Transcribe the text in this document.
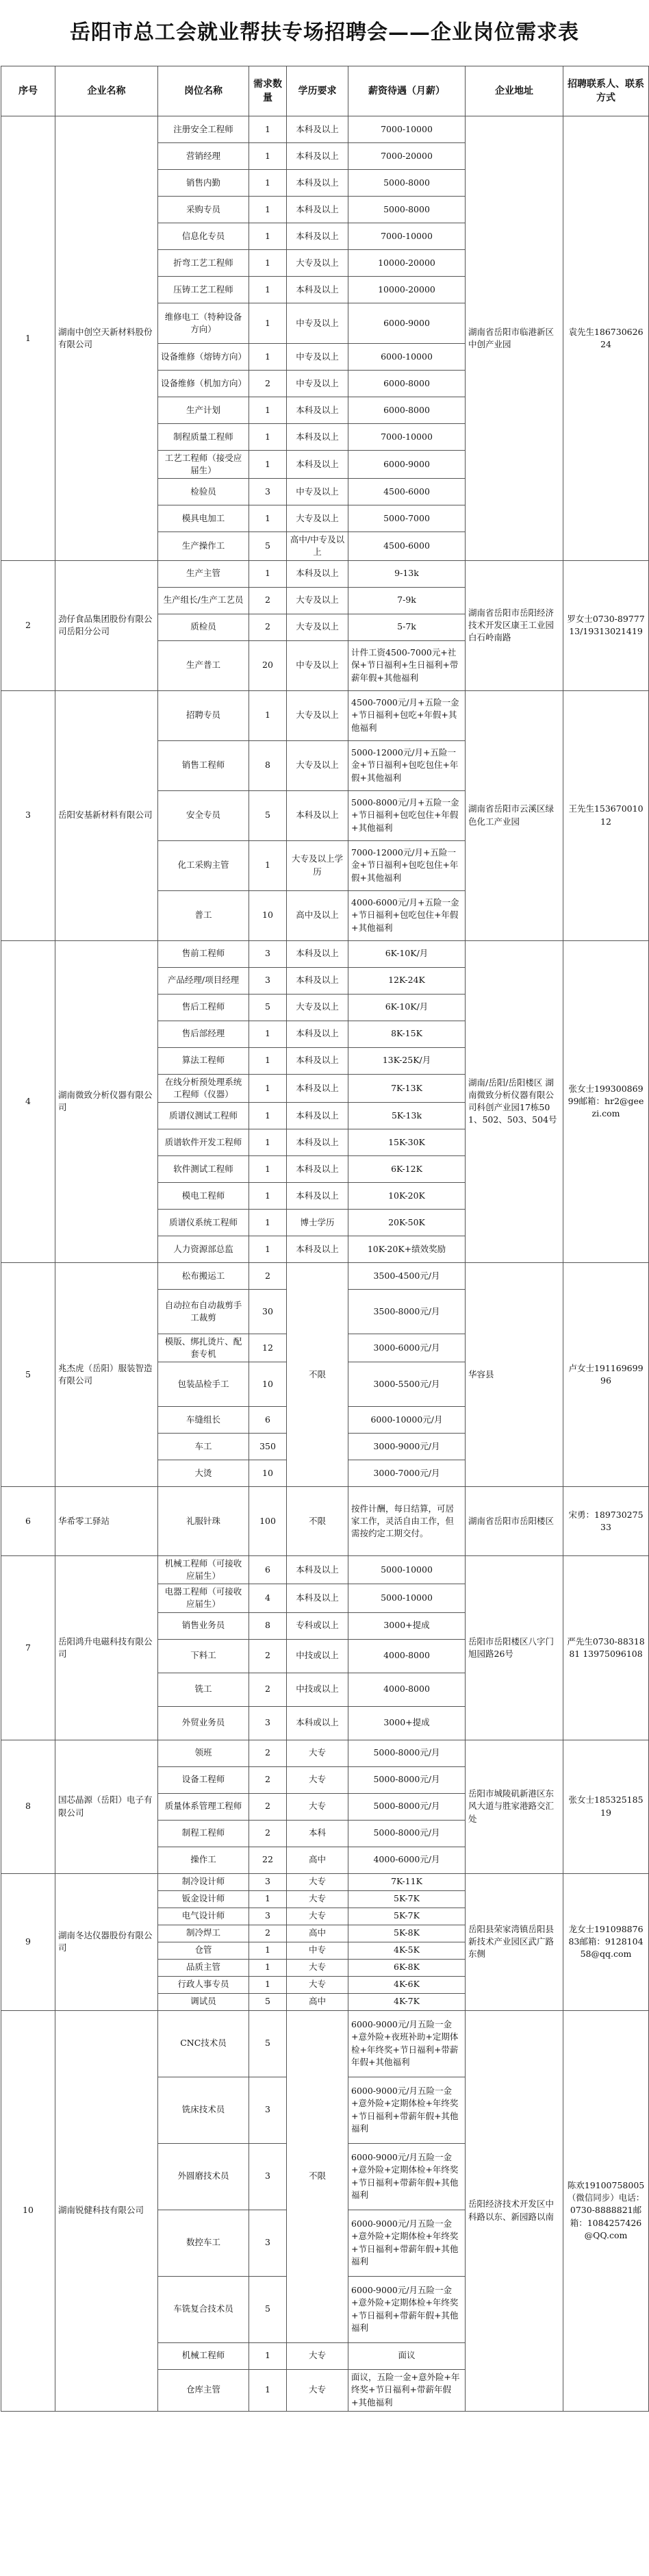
岳阳市总工会就业帮扶专场招聘会——企业岗位需求表
序号	企业名称	岗位名称	需求数量	学历要求	薪资待遇（月薪）	企业地址	招聘联系人、联系方式
1	湖南中创空天新材料股份有限公司	注册安全工程师	1	本科及以上	7000-10000	湖南省岳阳市临港新区中创产业园	袁先生18673062624
		营销经理	1	本科及以上	7000-20000		
		销售内勤	1	本科及以上	5000-8000		
		采购专员	1	本科及以上	5000-8000		
		信息化专员	1	本科及以上	7000-10000		
		折弯工艺工程师	1	大专及以上	10000-20000		
		压铸工艺工程师	1	本科及以上	10000-20000		
		维修电工（特种设备方向）	1	中专及以上	6000-9000		
		设备维修（熔铸方向）	1	中专及以上	6000-10000		
		设备维修（机加方向）	2	中专及以上	6000-8000		
		生产计划	1	本科及以上	6000-8000		
		制程质量工程师	1	本科及以上	7000-10000		
		工艺工程师（接受应届生）	1	本科及以上	6000-9000		
		检验员	3	中专及以上	4500-6000		
		模具电加工	1	大专及以上	5000-7000		
		生产操作工	5	高中/中专及以上	4500-6000		
2	劲仔食品集团股份有限公司岳阳分公司	生产主管	1	本科及以上	9-13k	湖南省岳阳市岳阳经济技术开发区康王工业园白石岭南路	罗女士0730-8977713/19313021419
		生产组长/生产工艺员	2	大专及以上	7-9k		
		质检员	2	大专及以上	5-7k		
		生产普工	20	中专及以上	计件工资4500-7000元+社保+节日福利+生日福利+带薪年假+其他福利		
3	岳阳安基新材料有限公司	招聘专员	1	大专及以上	4500-7000元/月+五险一金+节日福利+包吃+年假+其他福利	湖南省岳阳市云溪区绿色化工产业园	王先生15367001012
		销售工程师	8	大专及以上	5000-12000元/月+五险一金+节日福利+包吃包住+年假+其他福利		
		安全专员	5	本科及以上	5000-8000元/月+五险一金+节日福利+包吃包住+年假+其他福利		
		化工采购主管	1	大专及以上学历	7000-12000元/月+五险一金+节日福利+包吃包住+年假+其他福利		
		普工	10	高中及以上	4000-6000元/月+五险一金+节日福利+包吃包住+年假+其他福利		
4	湖南微致分析仪器有限公司	售前工程师	3	本科及以上	6K-10K/月	湖南/岳阳/岳阳楼区 湖南微致分析仪器有限公司科创产业园17栋501、502、503、504号	张女士19930086999邮箱：hr2@geezi.com
		产品经理/项目经理	3	本科及以上	12K-24K		
		售后工程师	5	大专及以上	6K-10K/月		
		售后部经理	1	本科及以上	8K-15K		
		算法工程师	1	本科及以上	13K-25K/月		
		在线分析预处理系统工程师（仪器）	1	本科及以上	7K-13K		
		质谱仪测试工程师	1	本科及以上	5K-13k		
		质谱软件开发工程师	1	本科及以上	15K-30K		
		软件测试工程师	1	本科及以上	6K-12K		
		模电工程师	1	本科及以上	10K-20K		
		质谱仪系统工程师	1	博士学历	20K-50K		
		人力资源部总监	1	本科及以上	10K-20K+绩效奖励		
5	兆杰虎（岳阳）服装智造有限公司	松布搬运工	2	不限	3500-4500元/月	华容县	卢女士19116969996
		自动拉布自动裁剪手工裁剪	30		3500-8000元/月		
		模版、绑扎烫片、配套专机	12		3000-6000元/月		
		包装品检手工	10		3000-5500元/月		
		车缝组长	6		6000-10000元/月		
		车工	350		3000-9000元/月		
		大烫	10		3000-7000元/月		
6	华希零工驿站	礼服针珠	100	不限	按件计酬，每日结算，可居家工作，灵活自由工作，但需按约定工期交付。	湖南省岳阳市岳阳楼区	宋勇：18973027533
7	岳阳鸿升电磁科技有限公司	机械工程师（可接收应届生）	6	本科及以上	5000-10000	岳阳市岳阳楼区八字门旭园路26号	严先生0730-8831881 13975096108
		电器工程师（可接收应届生）	4	本科及以上	5000-10000		
		销售业务员	8	专科或以上	3000+提成		
		下料工	2	中技或以上	4000-8000		
		铣工	2	中技或以上	4000-8000		
		外贸业务员	3	本科或以上	3000+提成		
8	国芯晶源（岳阳）电子有限公司	领班	2	大专	5000-8000元/月	岳阳市城陵矶新港区东风大道与胜家港路交汇处	张女士18532518519
		设备工程师	2	大专	5000-8000元/月		
		质量体系管理工程师	2	大专	5000-8000元/月		
		制程工程师	2	本科	5000-8000元/月		
		操作工	22	高中	4000-6000元/月		
9	湖南冬达仪器股份有限公司	制冷设计师	3	大专	7K-11K	岳阳县荣家湾镇岳阳县新技术产业园区武广路东侧	龙女士19109887683邮箱：912810458@qq.com
		钣金设计师	1	大专	5K-7K		
		电气设计师	3	大专	5K-7K		
		制冷焊工	2	高中	5K-8K		
		仓管	1	中专	4K-5K		
		品质主管	1	大专	6K-8K		
		行政人事专员	1	大专	4K-6K		
		调试员	5	高中	4K-7K		
10	湖南锐健科技有限公司	CNC技术员	5	不限	6000-9000元/月五险一金+意外险+夜班补助+定期体检+年终奖+节日福利+带薪年假+其他福利	岳阳经济技术开发区中科路以东、新园路以南	陈欢19100758005（微信同步）电话：0730-8888821邮箱：1084257426@QQ.com
		铣床技术员	3		6000-9000元/月五险一金+意外险+定期体检+年终奖+节日福利+带薪年假+其他福利		
		外圆磨技术员	3		6000-9000元/月五险一金+意外险+定期体检+年终奖+节日福利+带薪年假+其他福利		
		数控车工	3		6000-9000元/月五险一金+意外险+定期体检+年终奖+节日福利+带薪年假+其他福利		
		车铣复合技术员	5		6000-9000元/月五险一金+意外险+定期体检+年终奖+节日福利+带薪年假+其他福利		
		机械工程师	1	大专	面议		
		仓库主管	1	大专	面议，五险一金+意外险+年终奖+节日福利+带薪年假+其他福利		
